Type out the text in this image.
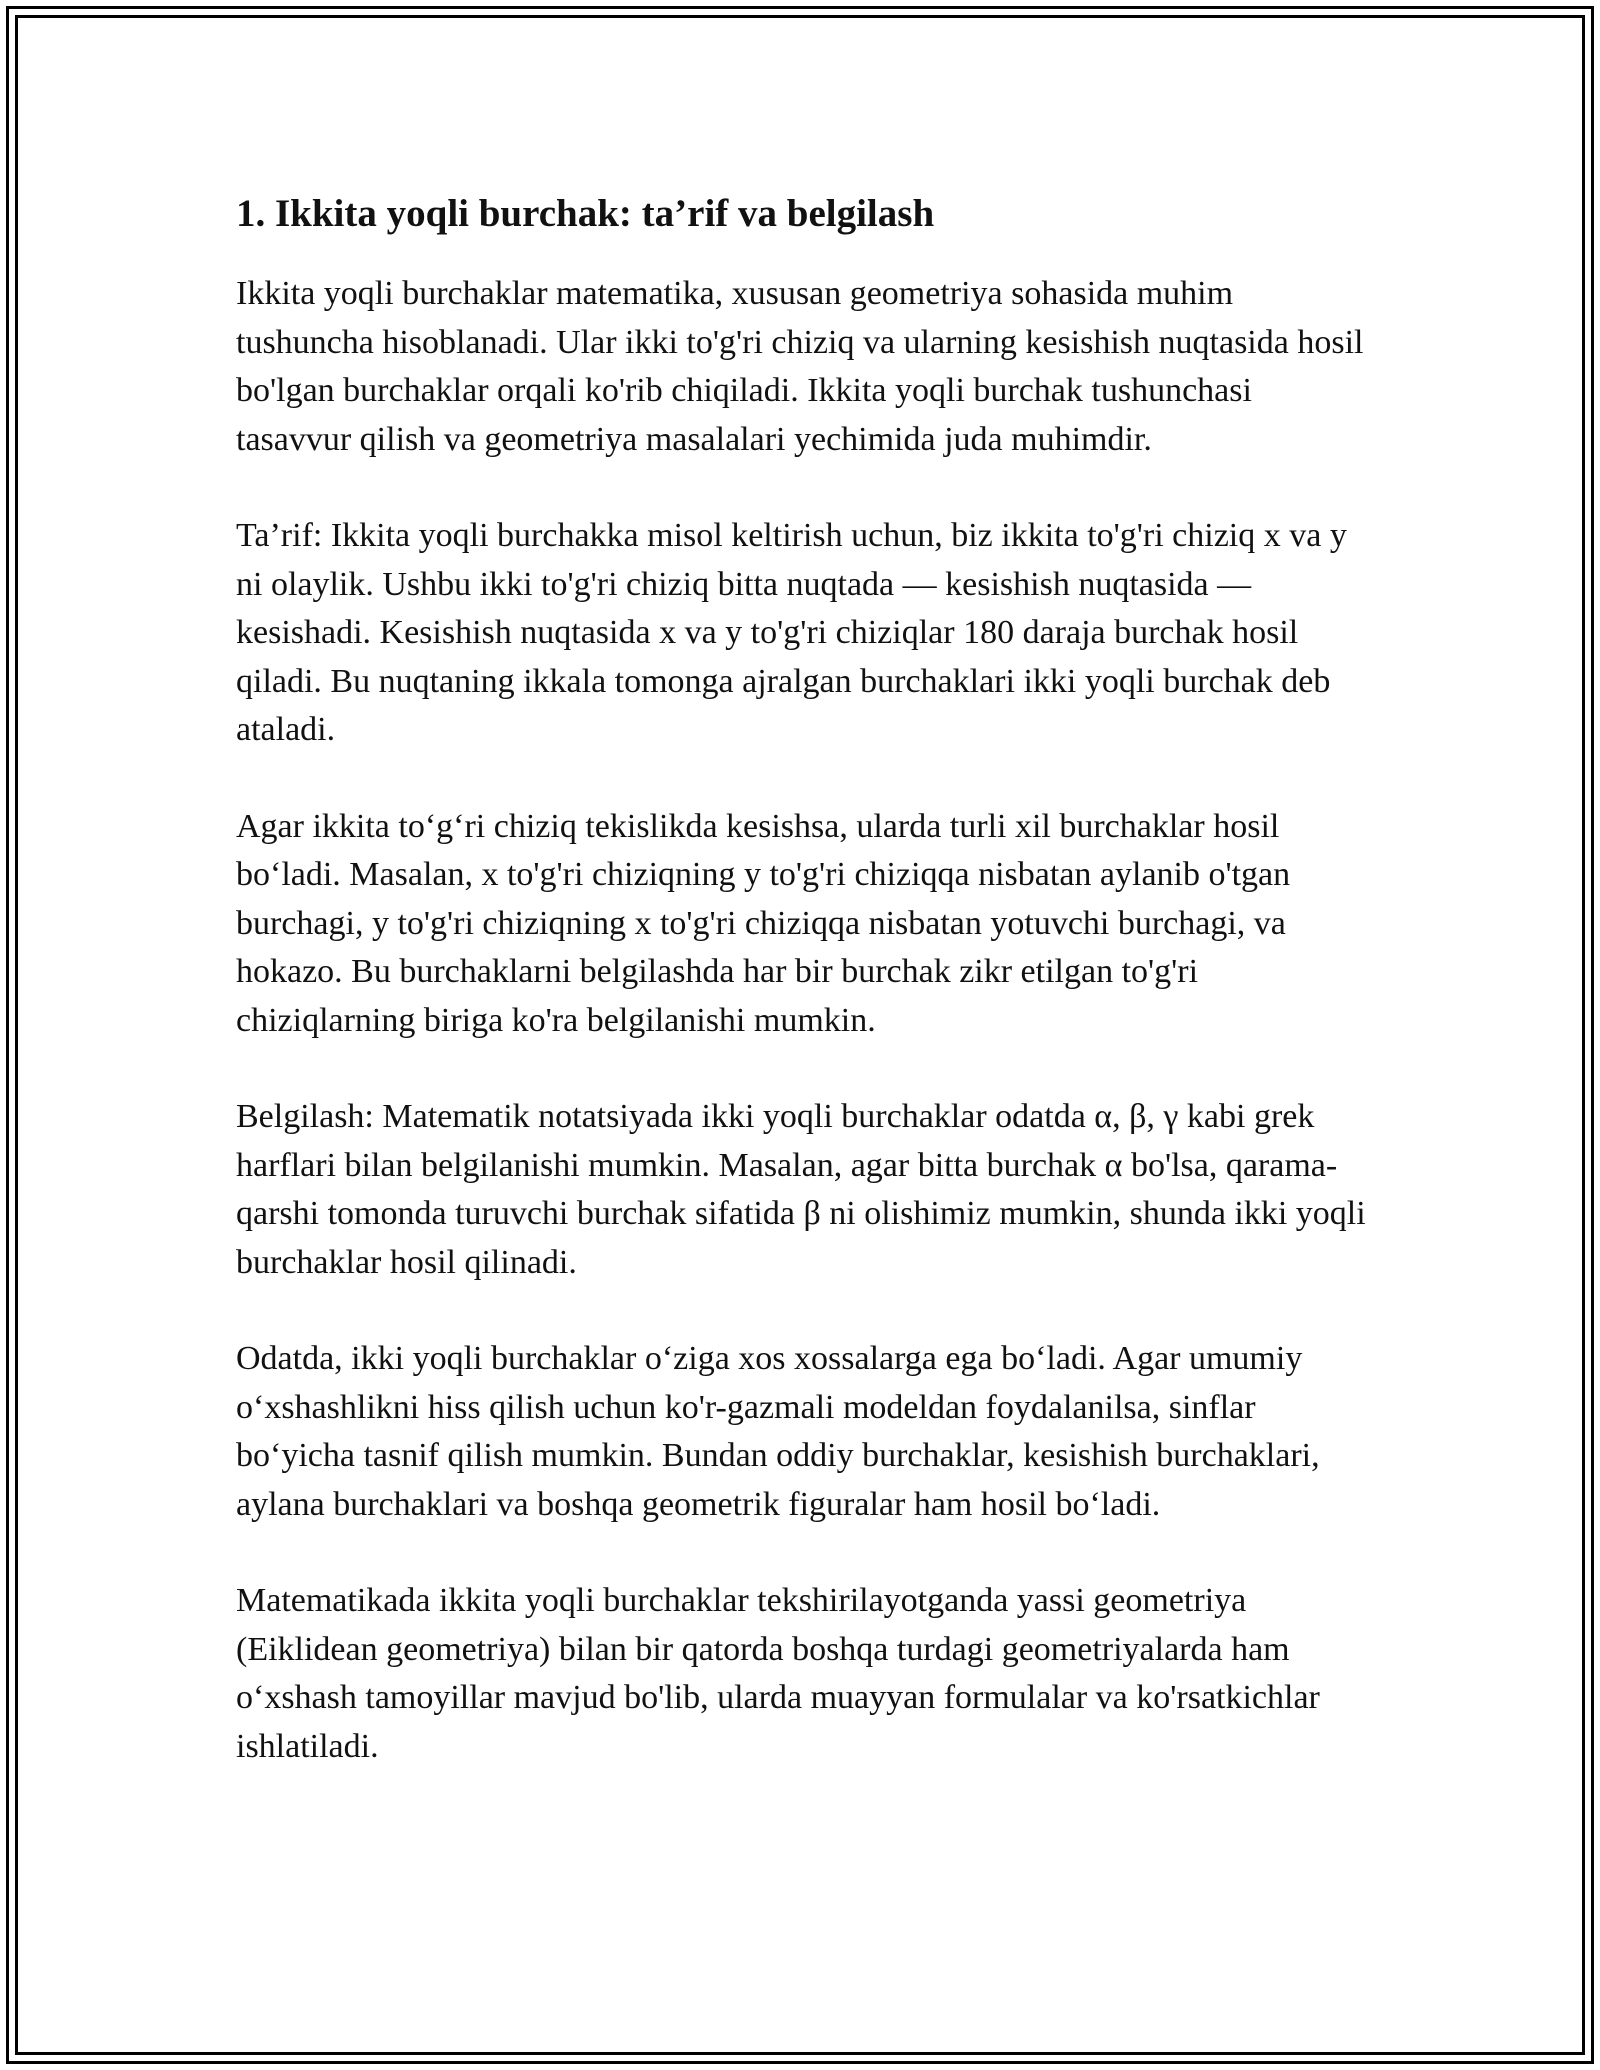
1. Ikkita yoqli burchak: ta’rif va belgilash

Ikkita yoqli burchaklar matematika, xususan geometriya sohasida muhim tushuncha hisoblanadi. Ular ikki to'g'ri chiziq va ularning kesishish nuqtasida hosil bo'lgan burchaklar orqali ko'rib chiqiladi. Ikkita yoqli burchak tushunchasi tasavvur qilish va geometriya masalalari yechimida juda muhimdir.

Ta’rif: Ikkita yoqli burchakka misol keltirish uchun, biz ikkita to'g'ri chiziq x va y ni olaylik. Ushbu ikki to'g'ri chiziq bitta nuqtada — kesishish nuqtasida — kesishadi. Kesishish nuqtasida x va y to'g'ri chiziqlar 180 daraja burchak hosil qiladi. Bu nuqtaning ikkala tomonga ajralgan burchaklari ikki yoqli burchak deb ataladi.

Agar ikkita to‘g‘ri chiziq tekislikda kesishsa, ularda turli xil burchaklar hosil bo‘ladi. Masalan, x to'g'ri chiziqning y to'g'ri chiziqqa nisbatan aylanib o'tgan burchagi, y to'g'ri chiziqning x to'g'ri chiziqqa nisbatan yotuvchi burchagi, va hokazo. Bu burchaklarni belgilashda har bir burchak zikr etilgan to'g'ri chiziqlarning biriga ko'ra belgilanishi mumkin.

Belgilash: Matematik notatsiyada ikki yoqli burchaklar odatda α, β, γ kabi grek harflari bilan belgilanishi mumkin. Masalan, agar bitta burchak α bo'lsa, qarama-qarshi tomonda turuvchi burchak sifatida β ni olishimiz mumkin, shunda ikki yoqli burchaklar hosil qilinadi.

Odatda, ikki yoqli burchaklar o‘ziga xos xossalarga ega bo‘ladi. Agar umumiy o‘xshashlikni hiss qilish uchun ko'r-gazmali modeldan foydalanilsa, sinflar bo‘yicha tasnif qilish mumkin. Bundan oddiy burchaklar, kesishish burchaklari, aylana burchaklari va boshqa geometrik figuralar ham hosil bo‘ladi.

Matematikada ikkita yoqli burchaklar tekshirilayotganda yassi geometriya (Eiklidean geometriya) bilan bir qatorda boshqa turdagi geometriyalarda ham o‘xshash tamoyillar mavjud bo'lib, ularda muayyan formulalar va ko'rsatkichlar ishlatiladi.
